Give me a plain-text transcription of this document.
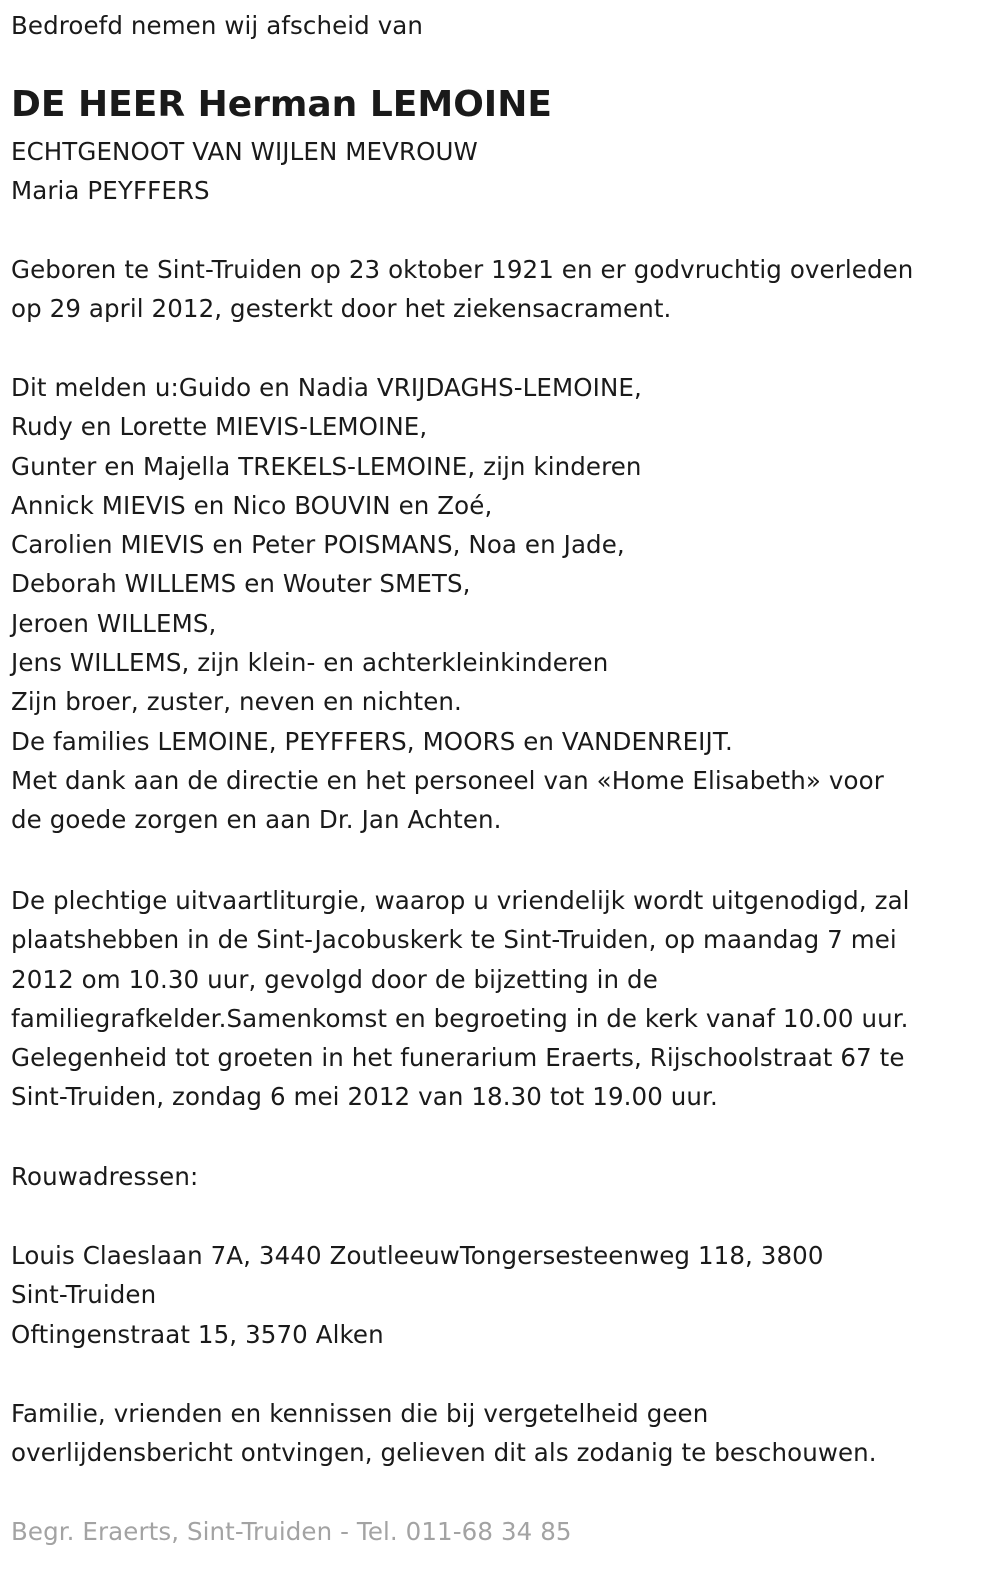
Bedroefd nemen wij afscheid van
DE HEER Herman LEMOINE
ECHTGENOOT VAN WIJLEN MEVROUW
Maria PEYFFERS
Geboren te Sint-Truiden op 23 oktober 1921 en er godvruchtig overleden
op 29 april 2012, gesterkt door het ziekensacrament.
Dit melden u:Guido en Nadia VRIJDAGHS-LEMOINE,
Rudy en Lorette MIEVIS-LEMOINE,
Gunter en Majella TREKELS-LEMOINE, zijn kinderen
Annick MIEVIS en Nico BOUVIN en Zoé,
Carolien MIEVIS en Peter POISMANS, Noa en Jade,
Deborah WILLEMS en Wouter SMETS,
Jeroen WILLEMS,
Jens WILLEMS, zijn klein- en achterkleinkinderen
Zijn broer, zuster, neven en nichten.
De families LEMOINE, PEYFFERS, MOORS en VANDENREIJT.
Met dank aan de directie en het personeel van «Home Elisabeth» voor
de goede zorgen en aan Dr. Jan Achten.
De plechtige uitvaartliturgie, waarop u vriendelijk wordt uitgenodigd, zal
plaatshebben in de Sint-Jacobuskerk te Sint-Truiden, op maandag 7 mei
2012 om 10.30 uur, gevolgd door de bijzetting in de
familiegrafkelder.Samenkomst en begroeting in de kerk vanaf 10.00 uur.
Gelegenheid tot groeten in het funerarium Eraerts, Rijschoolstraat 67 te
Sint-Truiden, zondag 6 mei 2012 van 18.30 tot 19.00 uur.
Rouwadressen:
Louis Claeslaan 7A, 3440 ZoutleeuwTongersesteenweg 118, 3800
Sint-Truiden
Oftingenstraat 15, 3570 Alken
Familie, vrienden en kennissen die bij vergetelheid geen
overlijdensbericht ontvingen, gelieven dit als zodanig te beschouwen.
Begr. Eraerts, Sint-Truiden - Tel. 011-68 34 85
